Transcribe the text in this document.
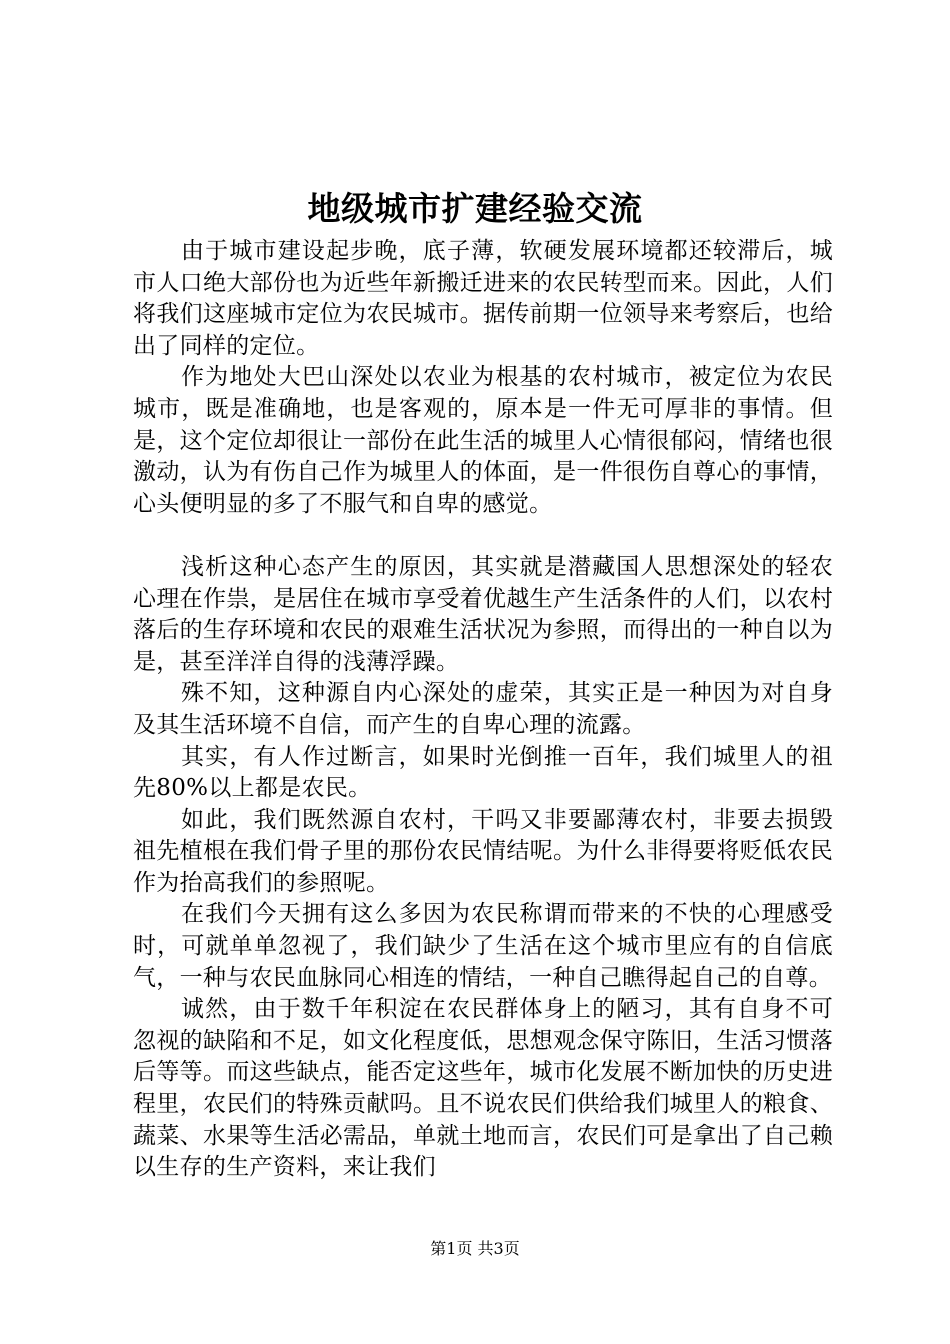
地级城市扩建经验交流

由于城市建设起步晚，底子薄，软硬发展环境都还较滞后，城市人口绝大部份也为近些年新搬迁进来的农民转型而来。因此，人们将我们这座城市定位为农民城市。据传前期一位领导来考察后，也给出了同样的定位。

作为地处大巴山深处以农业为根基的农村城市，被定位为农民城市，既是准确地，也是客观的，原本是一件无可厚非的事情。但是，这个定位却很让一部份在此生活的城里人心情很郁闷，情绪也很激动，认为有伤自己作为城里人的体面，是一件很伤自尊心的事情，心头便明显的多了不服气和自卑的感觉。

浅析这种心态产生的原因，其实就是潜藏国人思想深处的轻农心理在作祟，是居住在城市享受着优越生产生活条件的人们，以农村落后的生存环境和农民的艰难生活状况为参照，而得出的一种自以为是，甚至洋洋自得的浅薄浮躁。

殊不知，这种源自内心深处的虚荣，其实正是一种因为对自身及其生活环境不自信，而产生的自卑心理的流露。

其实，有人作过断言，如果时光倒推一百年，我们城里人的祖先80%以上都是农民。

如此，我们既然源自农村，干吗又非要鄙薄农村，非要去损毁祖先植根在我们骨子里的那份农民情结呢。为什么非得要将贬低农民作为抬高我们的参照呢。

在我们今天拥有这么多因为农民称谓而带来的不快的心理感受时，可就单单忽视了，我们缺少了生活在这个城市里应有的自信底气，一种与农民血脉同心相连的情结，一种自己瞧得起自己的自尊。

诚然，由于数千年积淀在农民群体身上的陋习，其有自身不可忽视的缺陷和不足，如文化程度低，思想观念保守陈旧，生活习惯落后等等。而这些缺点，能否定这些年，城市化发展不断加快的历史进程里，农民们的特殊贡献吗。且不说农民们供给我们城里人的粮食、蔬菜、水果等生活必需品，单就土地而言，农民们可是拿出了自己赖以生存的生产资料，来让我们

第1页 共3页
